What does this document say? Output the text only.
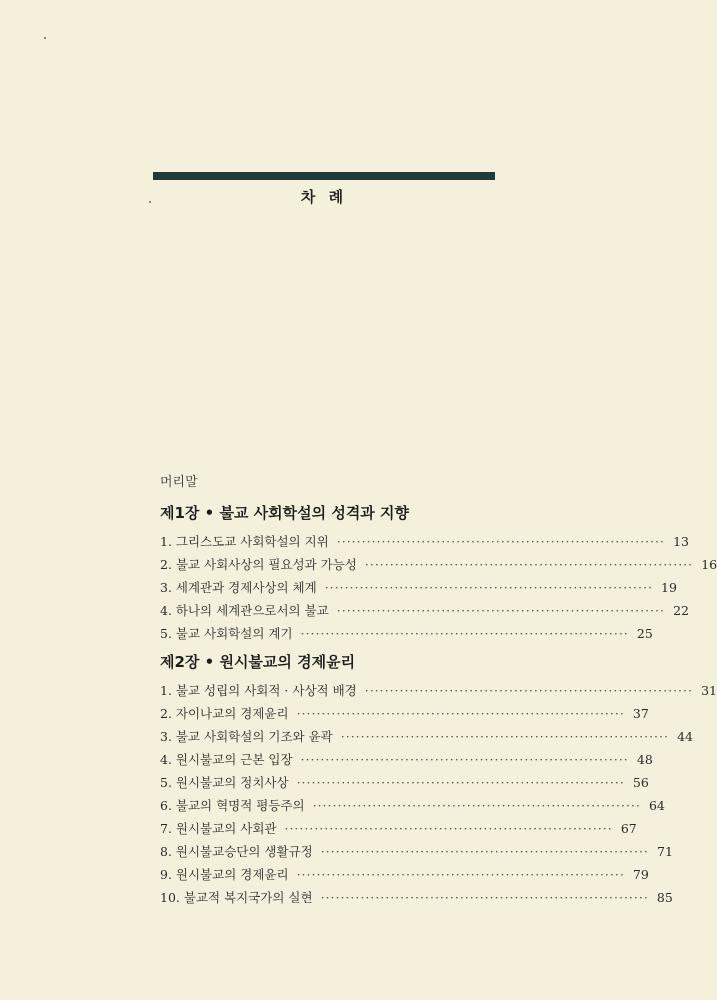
차 례
머리말
제1장 • 불교 사회학설의 성격과 지향
1. 그리스도교 사회학설의 지위 ·································································· 13
2. 불교 사회사상의 필요성과 가능성 ·································································· 16
3. 세계관과 경제사상의 체계 ·································································· 19
4. 하나의 세계관으로서의 불교 ·································································· 22
5. 불교 사회학설의 계기 ·································································· 25
제2장 • 원시불교의 경제윤리
1. 불교 성립의 사회적 · 사상적 배경 ·································································· 31
2. 자이나교의 경제윤리 ·································································· 37
3. 불교 사회학설의 기조와 윤곽 ·································································· 44
4. 원시불교의 근본 입장 ·································································· 48
5. 원시불교의 정치사상 ·································································· 56
6. 불교의 혁명적 평등주의 ·································································· 64
7. 원시불교의 사회관 ·································································· 67
8. 원시불교승단의 생활규정 ·································································· 71
9. 원시불교의 경제윤리 ·································································· 79
10. 불교적 복지국가의 실현 ·································································· 85
